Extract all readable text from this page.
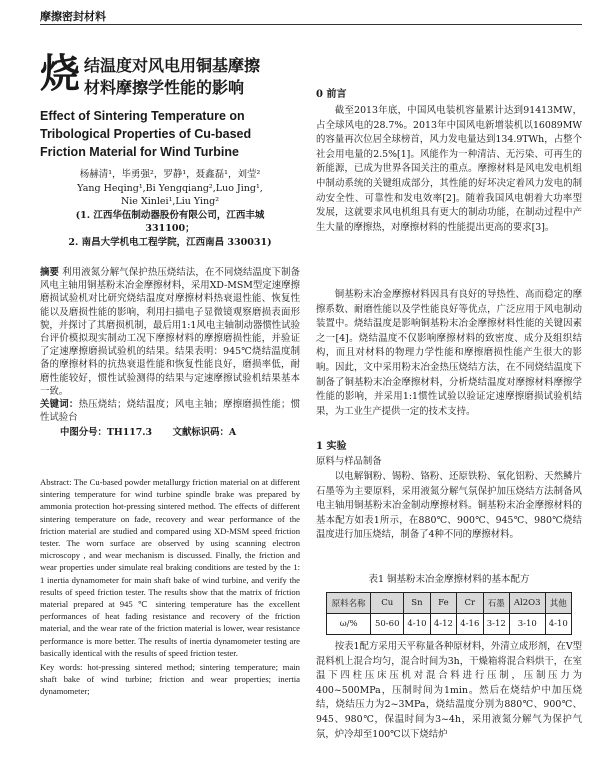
摩擦密封材料
烧 结温度对风电用铜基摩擦
材料摩擦学性能的影响
Effect of Sintering Temperature on
Tribological Properties of Cu-based
Friction Material for Wind Turbine
杨赫清¹，毕勇强²，罗静¹，聂鑫磊¹，刘莹²
Yang Heqing¹,Bi Yengqiang²,Luo Jing¹,
Nie Xinlei¹,Liu Ying²
(1. 江西华伍制动器股份有限公司，江西丰城
331100；
2. 南昌大学机电工程学院，江西南昌 330031)

摘要 利用液氮分解气保护热压烧结法，在不同烧结温度下制备风电主轴用铜基粉末冶金摩擦材料，采用XD-MSM型定速摩擦磨损试验机对比研究烧结温度对摩擦材料热衰退性能、恢复性能以及磨损性能的影响，利用扫描电子显微镜观察磨损表面形貌，并探讨了其磨损机制，最后用1:1风电主轴制动器惯性试验台评价模拟现实制动工况下摩擦材料的摩擦磨损性能，并验证了定速摩擦磨损试验机的结果。结果表明：945℃烧结温度制备的摩擦材料的抗热衰退性能和恢复性能良好，磨损率低，耐磨性能较好，惯性试验测得的结果与定速摩擦试验机结果基本一致。

关键词：热压烧结；烧结温度；风电主轴；摩擦磨损性能；惯性试验台

中图分号：TH117.3 文献标识码：A

Abstract: The Cu-based powder metallurgy friction material on at different sintering temperature for wind turbine spindle brake was prepared by ammonia protection hot-pressing sintered method. The effects of different sintering temperature on fade, recovery and wear performance of the friction material are studied and compared using XD-MSM speed friction tester. The worn surface are observed by using scanning electron microscopy , and wear mechanism is discussed. Finally, the friction and wear properties under simulate real braking conditions are tested by the 1: 1 inertia dynamometer for main shaft bake of wind turbine, and verify the results of speed friction tester. The results show that the matrix of friction material prepared at 945 ℃ sintering temperature has the excellent performances of heat fading resistance and recovery of the friction material, and the wear rate of the friction material is lower, wear resistance performance is more better. The results of inertia dynamometer testing are basically identical with the results of speed friction tester.

Key words: hot-pressing sintered method; sintering temperature; main shaft bake of wind turbine; friction and wear properties; inertia dynamometer;

0 前言
截至2013年底，中国风电装机容量累计达到91413MW，占全球风电的28.7%。2013年中国风电新增装机以16089MW的容量再次位居全球榜首，风力发电量达到134.9TWh，占整个社会用电量的2.5%[1]。风能作为一种清洁、无污染、可再生的新能源，已成为世界各国关注的重点。摩擦材料是风电发电机组中制动系统的关键组成部分，其性能的好坏决定着风力发电的制动安全性、可靠性和发电效率[2]。随着我国风电朝着大功率型发展，这就要求风电机组具有更大的制动功能，在制动过程中产生大量的摩擦热，对摩擦材料的性能提出更高的要求[3]。
铜基粉末冶金摩擦材料因具有良好的导热性、高而稳定的摩擦系数、耐磨性能以及学性能良好等优点，广泛应用于风电制动装置中。烧结温度是影响铜基粉末冶金摩擦材料性能的关键因素之一[4]。烧结温度不仅影响摩擦材料的致密度、成分及组织结构，而且对材料的物理力学性能和摩擦磨损性能产生很大的影响。因此，文中采用粉末冶金热压烧结方法，在不同烧结温度下制备了铜基粉末冶金摩擦材料，分析烧结温度对摩擦材料摩擦学性能的影响，并采用1:1惯性试验以验证定速摩擦磨损试验机结果，为工业生产提供一定的技术支持。
1 实验
原料与样品制备
以电解铜粉、锡粉、铬粉、还原铁粉、氧化铝粉、天然鳞片石墨等为主要原料，采用液氮分解气氛保护加压烧结方法制备风电主轴用铜基粉末冶金制动摩擦材料。铜基粉末冶金摩擦材料的基本配方如表1所示，在880℃、900℃、945℃、980℃烧结温度进行加压烧结，制备了4种不同的摩擦材料。
表1 铜基粉末冶金摩擦材料的基本配方
原料名称	Cu	Sn	Fe	Cr	石墨	Al2O3	其他
ω/%	50-60	4-10	4-12	4-16	3-12	3-10	4-10
按表1配方采用天平称量各种原材料，外清立成形剂，在V型混料机上混合均匀，混合时间为3h，干燥箱将混合料烘干，在室温下四柱压床压机对混合料进行压制，压制压力为400~500MPa，压制时间为1min。然后在烧结炉中加压烧结，烧结压力为2~3MPa，烧结温度分别为880℃、900℃、945、980℃，保温时间为3~4h，采用液氮分解气为保护气氛，炉冷却至100℃以下烧结炉
